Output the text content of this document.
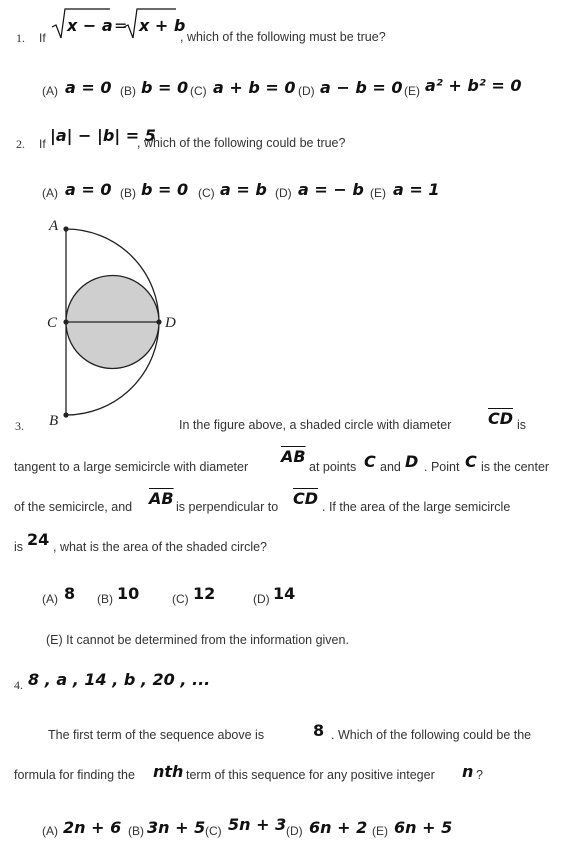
1. If
x − a = x + b
, which of the following must be true?
(A) a = 0 (B) b = 0 (C) a + b = 0 (D) a − b = 0 (E) a² + b² = 0
2. If |a| − |b| = 5
, which of the following could be true?
(A) a = 0 (B) b = 0 (C) a = b (D) a = − b (E) a = 1
A
C	D
B
3.	In the figure above, a shaded circle with diameter $\overline{CD}$ is
tangent to a large semicircle with diameter
$\overline{AB}$
at points C and D . Point C is the center
of the semicircle, and $\overline{AB}$ is perpendicular to $\overline{CD}$ . If the area of the large semicircle
is 24 , what is the area of the shaded circle?
(A) 8 (B) 10	(C) 12	(D) 14
(E) It cannot be determined from the information given.
4. 8 , a , 14 , b , 20 , ...
The first term of the sequence above is	8 . Which of the following could be the
formula for finding the nth term of this sequence for any positive integer n ?
(A) 2n + 6 (B) 3n + 5 (C) 5n + 3 (D) 6n + 2 (E) 6n + 5
